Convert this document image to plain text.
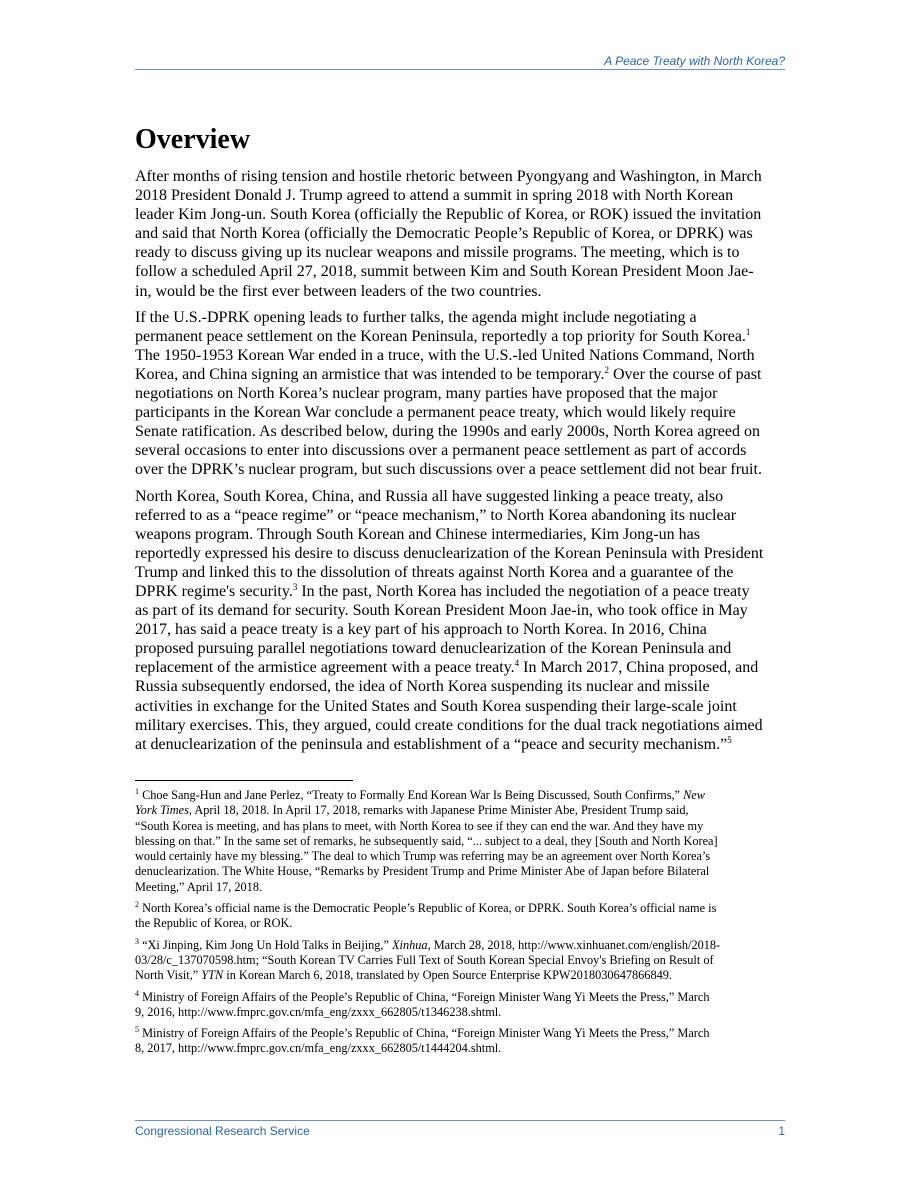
A Peace Treaty with North Korea?
Overview

After months of rising tension and hostile rhetoric between Pyongyang and Washington, in March
2018 President Donald J. Trump agreed to attend a summit in spring 2018 with North Korean
leader Kim Jong-un. South Korea (officially the Republic of Korea, or ROK) issued the invitation
and said that North Korea (officially the Democratic People’s Republic of Korea, or DPRK) was
ready to discuss giving up its nuclear weapons and missile programs. The meeting, which is to
follow a scheduled April 27, 2018, summit between Kim and South Korean President Moon Jae-
in, would be the first ever between leaders of the two countries.

If the U.S.-DPRK opening leads to further talks, the agenda might include negotiating a
permanent peace settlement on the Korean Peninsula, reportedly a top priority for South Korea.$^1$
The 1950-1953 Korean War ended in a truce, with the U.S.-led United Nations Command, North
Korea, and China signing an armistice that was intended to be temporary.$^2$ Over the course of past
negotiations on North Korea’s nuclear program, many parties have proposed that the major
participants in the Korean War conclude a permanent peace treaty, which would likely require
Senate ratification. As described below, during the 1990s and early 2000s, North Korea agreed on
several occasions to enter into discussions over a permanent peace settlement as part of accords
over the DPRK’s nuclear program, but such discussions over a peace settlement did not bear fruit.

North Korea, South Korea, China, and Russia all have suggested linking a peace treaty, also
referred to as a “peace regime” or “peace mechanism,” to North Korea abandoning its nuclear
weapons program. Through South Korean and Chinese intermediaries, Kim Jong-un has
reportedly expressed his desire to discuss denuclearization of the Korean Peninsula with President
Trump and linked this to the dissolution of threats against North Korea and a guarantee of the
DPRK regime's security.$^3$ In the past, North Korea has included the negotiation of a peace treaty
as part of its demand for security. South Korean President Moon Jae-in, who took office in May
2017, has said a peace treaty is a key part of his approach to North Korea. In 2016, China
proposed pursuing parallel negotiations toward denuclearization of the Korean Peninsula and
replacement of the armistice agreement with a peace treaty.$^4$ In March 2017, China proposed, and
Russia subsequently endorsed, the idea of North Korea suspending its nuclear and missile
activities in exchange for the United States and South Korea suspending their large-scale joint
military exercises. This, they argued, could create conditions for the dual track negotiations aimed
at denuclearization of the peninsula and establishment of a “peace and security mechanism.”$^5$

$^1$ Choe Sang-Hun and Jane Perlez, “Treaty to Formally End Korean War Is Being Discussed, South Confirms,” New
York Times, April 18, 2018. In April 17, 2018, remarks with Japanese Prime Minister Abe, President Trump said,
“South Korea is meeting, and has plans to meet, with North Korea to see if they can end the war. And they have my
blessing on that.” In the same set of remarks, he subsequently said, “... subject to a deal, they [South and North Korea]
would certainly have my blessing.” The deal to which Trump was referring may be an agreement over North Korea’s
denuclearization. The White House, “Remarks by President Trump and Prime Minister Abe of Japan before Bilateral
Meeting,” April 17, 2018.

$^2$ North Korea’s official name is the Democratic People’s Republic of Korea, or DPRK. South Korea’s official name is
the Republic of Korea, or ROK.

$^3$ “Xi Jinping, Kim Jong Un Hold Talks in Beijing,” Xinhua, March 28, 2018, http://www.xinhuanet.com/english/2018-
03/28/c_137070598.htm; “South Korean TV Carries Full Text of South Korean Special Envoy's Briefing on Result of
North Visit,” YTN in Korean March 6, 2018, translated by Open Source Enterprise KPW2018030647866849.

$^4$ Ministry of Foreign Affairs of the People’s Republic of China, “Foreign Minister Wang Yi Meets the Press,” March
9, 2016, http://www.fmprc.gov.cn/mfa_eng/zxxx_662805/t1346238.shtml.

$^5$ Ministry of Foreign Affairs of the People’s Republic of China, “Foreign Minister Wang Yi Meets the Press,” March
8, 2017, http://www.fmprc.gov.cn/mfa_eng/zxxx_662805/t1444204.shtml.

Congressional Research Service	1
